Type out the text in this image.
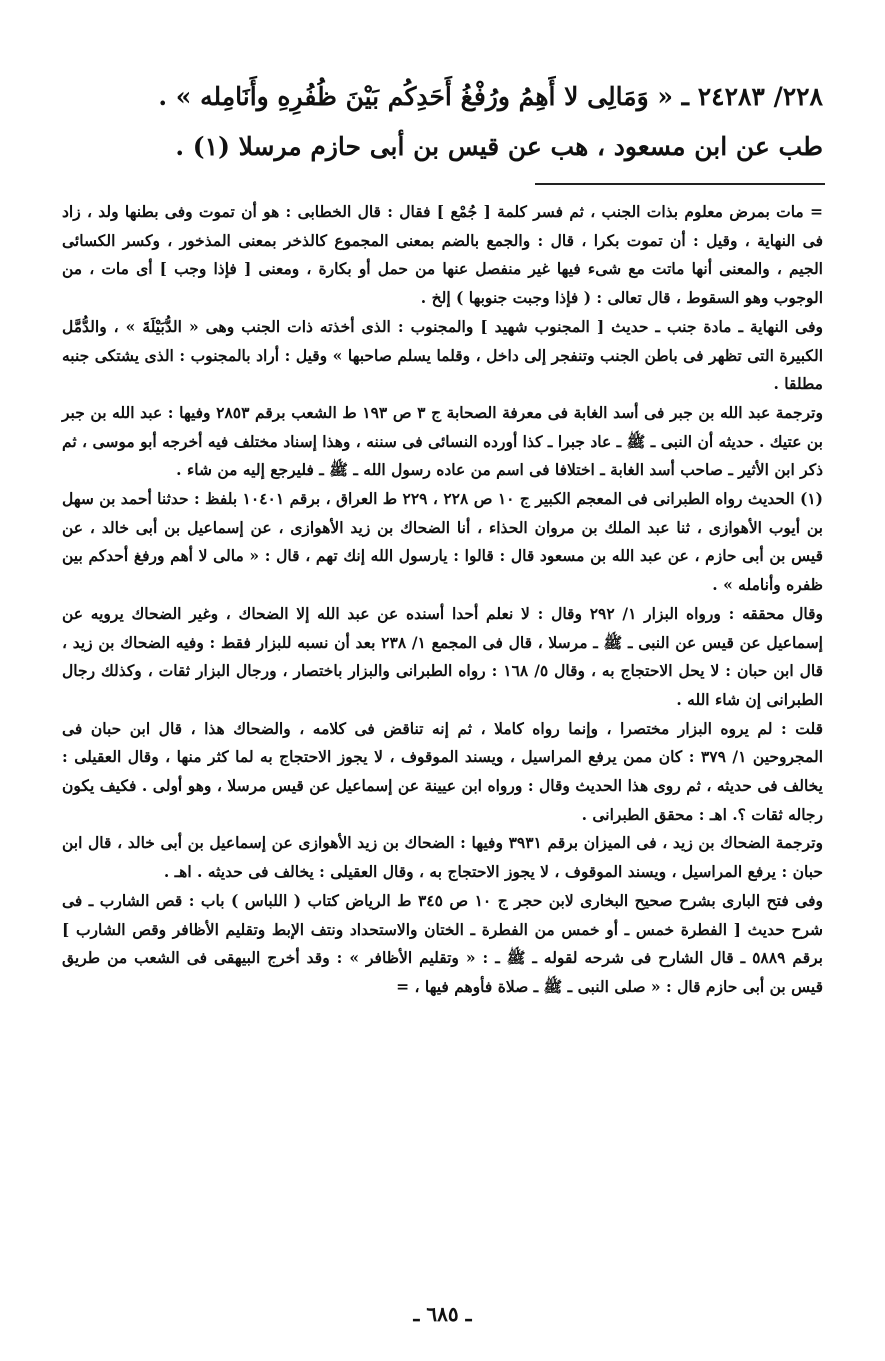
٢٢٨/ ٢٤٢٨٣ ـ « وَمَالِى لا أَهِمُ ورُفْغُ أَحَدِكُم بَيْنَ ظُفُرِهِ وأَنَامِله » .
طب عن ابن مسعود ، هب عن قيس بن أبى حازم مرسلا (١) .

= مات بمرض معلوم بذات الجنب ، ثم فسر كلمة [ جُمْع ] فقال : قال الخطابى : هو أن تموت وفى بطنها ولد ، زاد فى النهاية ، وقيل : أن تموت بكرا ، قال : والجمع بالضم بمعنى المجموع كالذخر بمعنى المذخور ، وكسر الكسائى الجيم ، والمعنى أنها ماتت مع شىء فيها غير منفصل عنها من حمل أو بكارة ، ومعنى [ فإذا وجب ] أى مات ، من الوجوب وهو السقوط ، قال تعالى : ( فإذا وجبت جنوبها ) إلخ .

وفى النهاية ـ مادة جنب ـ حديث [ المجنوب شهيد ] والمجنوب : الذى أخذته ذات الجنب وهى « الدُّبَيْلَةَ » ، والدُّمَّل الكبيرة التى تظهر فى باطن الجنب وتنفجر إلى داخل ، وقلما يسلم صاحبها » وقيل : أراد بالمجنوب : الذى يشتكى جنبه مطلقا .

وترجمة عبد الله بن جبر فى أسد الغابة فى معرفة الصحابة ج ٣ ص ١٩٣ ط الشعب برقم ٢٨٥٣ وفيها : عبد الله بن جبر بن عتيك . حديثه أن النبى ـ ﷺ ـ عاد جبرا ـ كذا أورده النسائى فى سننه ، وهذا إسناد مختلف فيه أخرجه أبو موسى ، ثم ذكر ابن الأثير ـ صاحب أسد الغابة ـ اختلافا فى اسم من عاده رسول الله ـ ﷺ ـ فليرجع إليه من شاء .

(١) الحديث رواه الطبرانى فى المعجم الكبير ج ١٠ ص ٢٢٨ ، ٢٢٩ ط العراق ، برقم ١٠٤٠١ بلفظ : حدثنا أحمد بن سهل بن أيوب الأهوازى ، ثنا عبد الملك بن مروان الحذاء ، أنا الضحاك بن زيد الأهوازى ، عن إسماعيل بن أبى خالد ، عن قيس بن أبى حازم ، عن عبد الله بن مسعود قال : قالوا : يارسول الله إنك تهم ، قال : « مالى لا أهم ورفغ أحدكم بين ظفره وأنامله » .

وقال محققه : ورواه البزار ١/ ٢٩٢ وقال : لا نعلم أحدا أسنده عن عبد الله إلا الضحاك ، وغير الضحاك يرويه عن إسماعيل عن قيس عن النبى ـ ﷺ ـ مرسلا ، قال فى المجمع ١/ ٢٣٨ بعد أن نسبه للبزار فقط : وفيه الضحاك بن زيد ، قال ابن حبان : لا يحل الاحتجاج به ، وقال ٥/ ١٦٨ : رواه الطبرانى والبزار باختصار ، ورجال البزار ثقات ، وكذلك رجال الطبرانى إن شاء الله .

قلت : لم يروه البزار مختصرا ، وإنما رواه كاملا ، ثم إنه تناقض فى كلامه ، والضحاك هذا ، قال ابن حبان فى المجروحين ١/ ٣٧٩ : كان ممن يرفع المراسيل ، ويسند الموقوف ، لا يجوز الاحتجاج به لما كثر منها ، وقال العقيلى : يخالف فى حديثه ، ثم روى هذا الحديث وقال : ورواه ابن عيينة عن إسماعيل عن قيس مرسلا ، وهو أولى . فكيف يكون رجاله ثقات ؟. اهـ : محقق الطبرانى .

وترجمة الضحاك بن زيد ، فى الميزان برقم ٣٩٣١ وفيها : الضحاك بن زيد الأهوازى عن إسماعيل بن أبى خالد ، قال ابن حبان : يرفع المراسيل ، ويسند الموقوف ، لا يجوز الاحتجاج به ، وقال العقيلى : يخالف فى حديثه . اهـ .

وفى فتح البارى بشرح صحيح البخارى لابن حجر ج ١٠ ص ٣٤٥ ط الرياض كتاب ( اللباس ) باب : قص الشارب ـ فى شرح حديث [ الفطرة خمس ـ أو خمس من الفطرة ـ الختان والاستحداد ونتف الإبط وتقليم الأظافر وقص الشارب ] برقم ٥٨٨٩ ـ قال الشارح فى شرحه لقوله ـ ﷺ ـ : « وتقليم الأظافر » : وقد أخرج البيهقى فى الشعب من طريق قيس بن أبى حازم قال : « صلى النبى ـ ﷺ ـ صلاة فأوهم فيها ، =

ـ ٦٨٥ ـ
